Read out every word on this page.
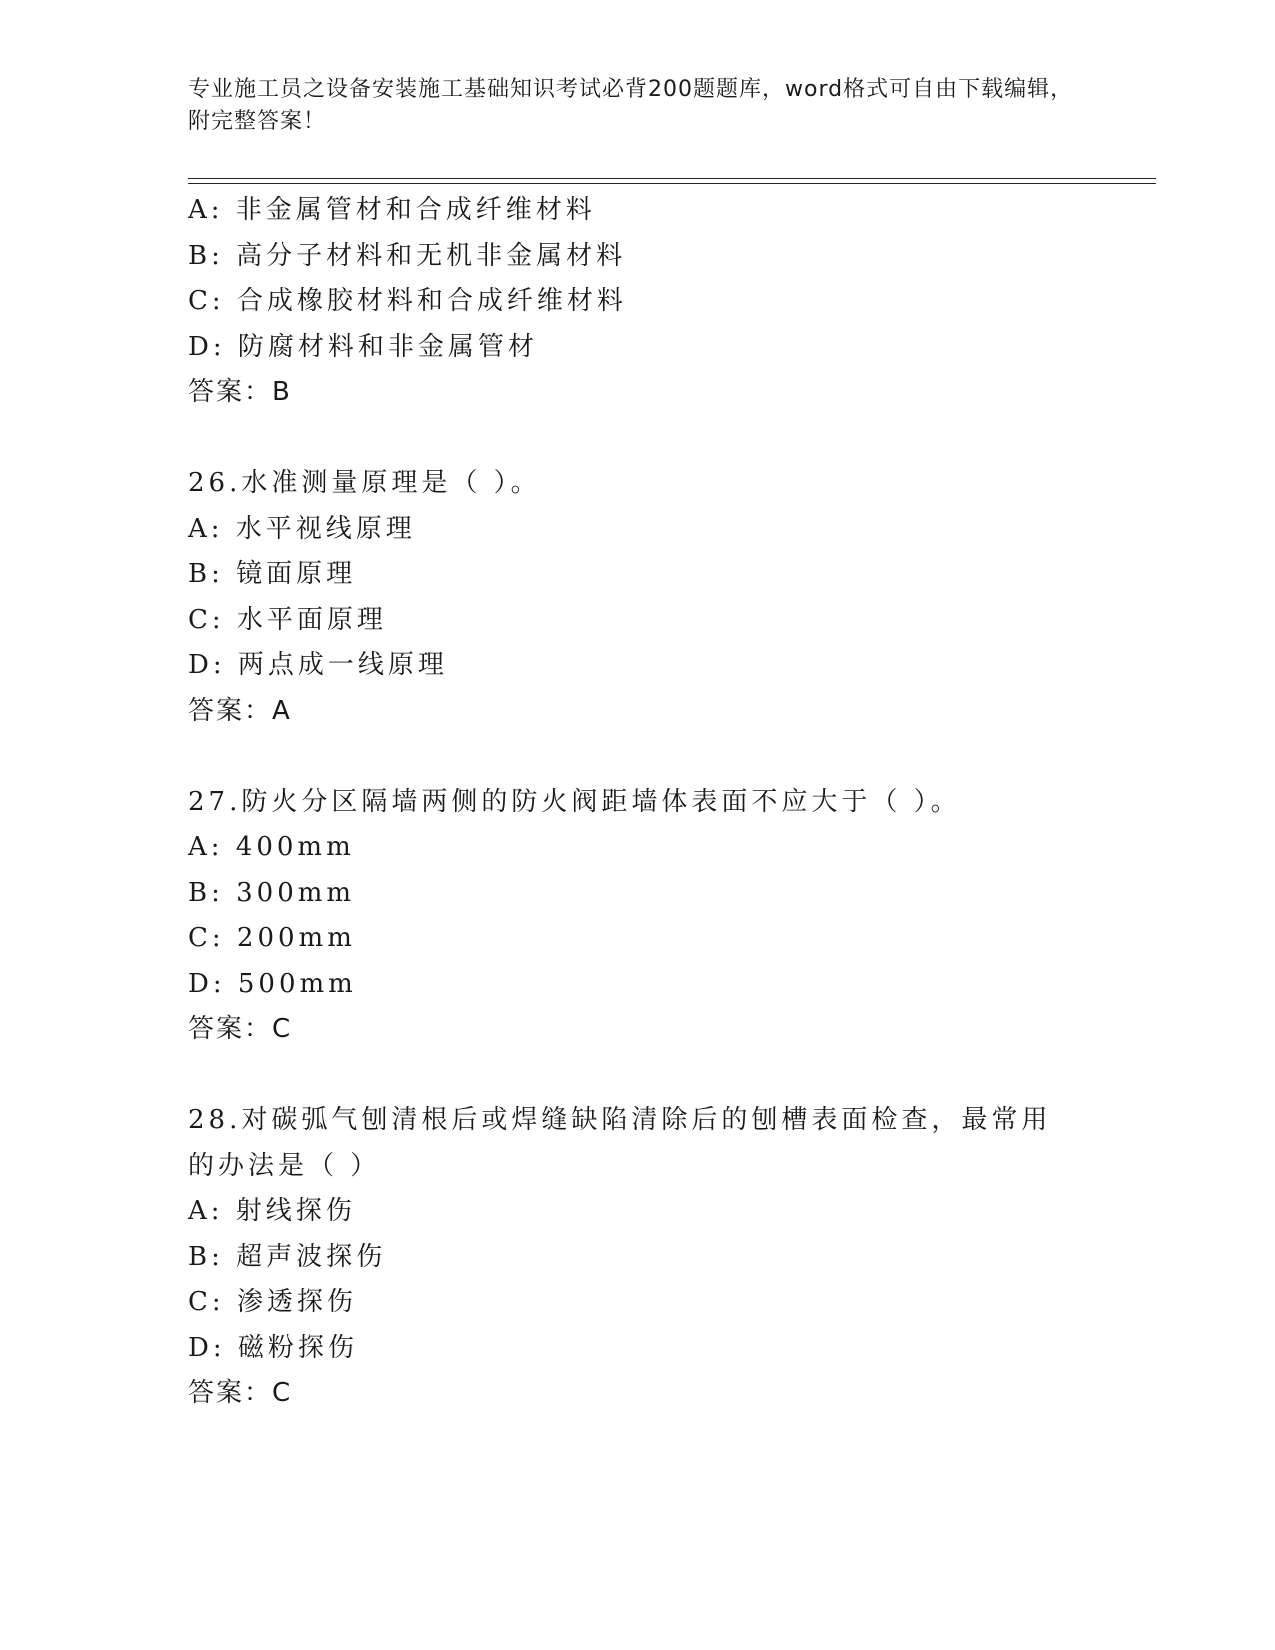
专业施工员之设备安装施工基础知识考试必背200题题库，word格式可自由下载编辑，附完整答案！
A: 非金属管材和合成纤维材料
B: 高分子材料和无机非金属材料
C: 合成橡胶材料和合成纤维材料
D: 防腐材料和非金属管材
答案：B
26.水准测量原理是（ ）。
A: 水平视线原理
B: 镜面原理
C: 水平面原理
D: 两点成一线原理
答案：A
27.防火分区隔墙两侧的防火阀距墙体表面不应大于（ ）。
A: 400mm
B: 300mm
C: 200mm
D: 500mm
答案：C
28.对碳弧气刨清根后或焊缝缺陷清除后的刨槽表面检查，最常用的办法是（ ）
A: 射线探伤
B: 超声波探伤
C: 渗透探伤
D: 磁粉探伤
答案：C
